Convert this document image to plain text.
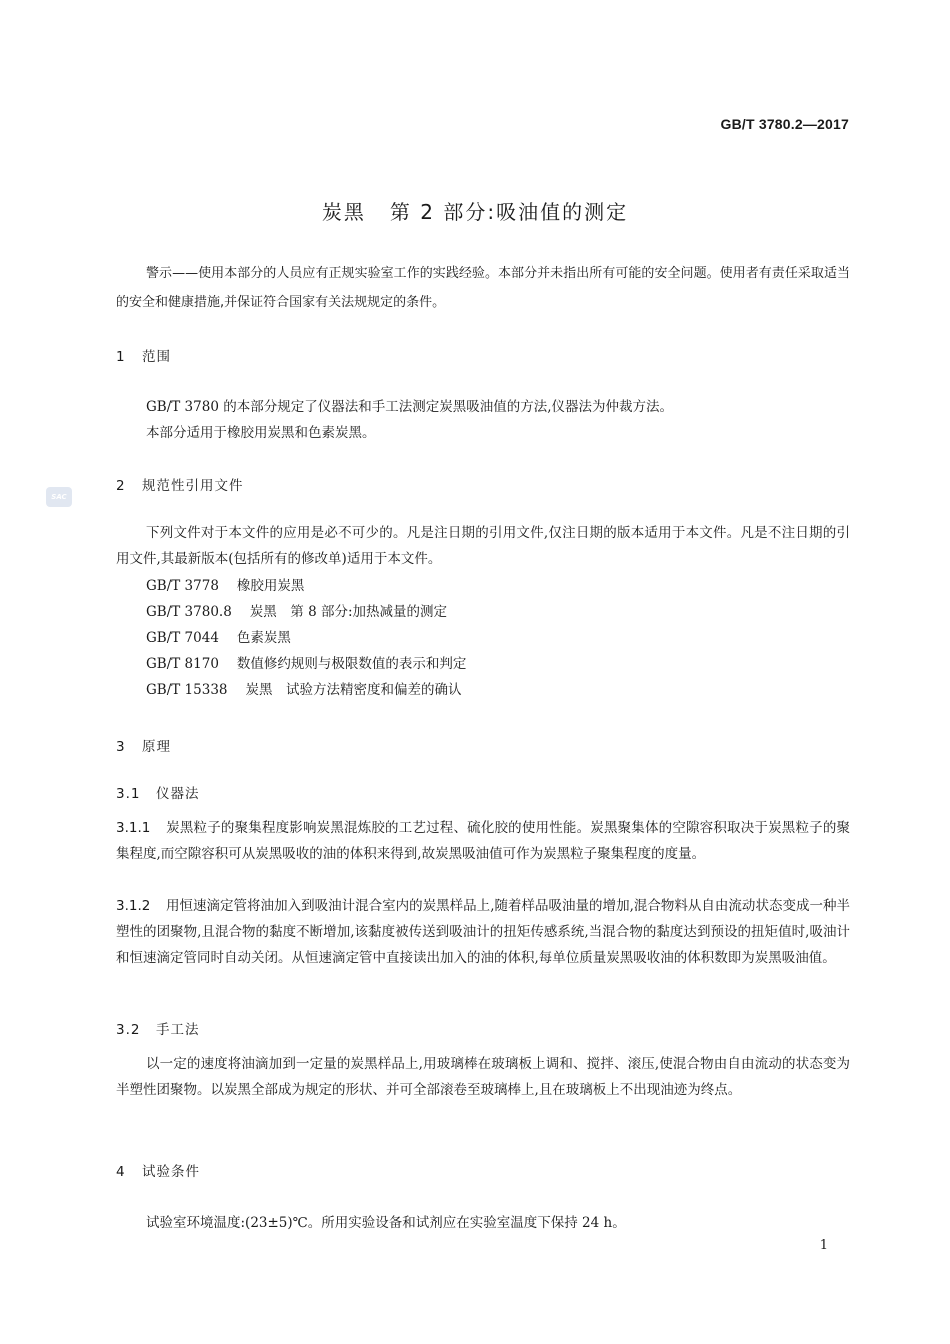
GB/T 3780.2—2017
炭黑 第 2 部分:吸油值的测定
警示——使用本部分的人员应有正规实验室工作的实践经验。本部分并未指出所有可能的安全问题。使用者有责任采取适当的安全和健康措施,并保证符合国家有关法规规定的条件。
1 范围
GB/T 3780 的本部分规定了仪器法和手工法测定炭黑吸油值的方法,仪器法为仲裁方法。
本部分适用于橡胶用炭黑和色素炭黑。
SAC
2 规范性引用文件
下列文件对于本文件的应用是必不可少的。凡是注日期的引用文件,仅注日期的版本适用于本文件。凡是不注日期的引用文件,其最新版本(包括所有的修改单)适用于本文件。
GB/T 3778 橡胶用炭黑
GB/T 3780.8 炭黑　第 8 部分:加热减量的测定
GB/T 7044 色素炭黑
GB/T 8170 数值修约规则与极限数值的表示和判定
GB/T 15338 炭黑　试验方法精密度和偏差的确认
3 原理
3.1 仪器法
3.1.1 炭黑粒子的聚集程度影响炭黑混炼胶的工艺过程、硫化胶的使用性能。炭黑聚集体的空隙容积取决于炭黑粒子的聚集程度,而空隙容积可从炭黑吸收的油的体积来得到,故炭黑吸油值可作为炭黑粒子聚集程度的度量。
3.1.2 用恒速滴定管将油加入到吸油计混合室内的炭黑样品上,随着样品吸油量的增加,混合物料从自由流动状态变成一种半塑性的团聚物,且混合物的黏度不断增加,该黏度被传送到吸油计的扭矩传感系统,当混合物的黏度达到预设的扭矩值时,吸油计和恒速滴定管同时自动关闭。从恒速滴定管中直接读出加入的油的体积,每单位质量炭黑吸收油的体积数即为炭黑吸油值。
3.2 手工法
以一定的速度将油滴加到一定量的炭黑样品上,用玻璃棒在玻璃板上调和、搅拌、滚压,使混合物由自由流动的状态变为半塑性团聚物。以炭黑全部成为规定的形状、并可全部滚卷至玻璃棒上,且在玻璃板上不出现油迹为终点。
4 试验条件
试验室环境温度:(23±5)℃。所用实验设备和试剂应在实验室温度下保持 24 h。
1
